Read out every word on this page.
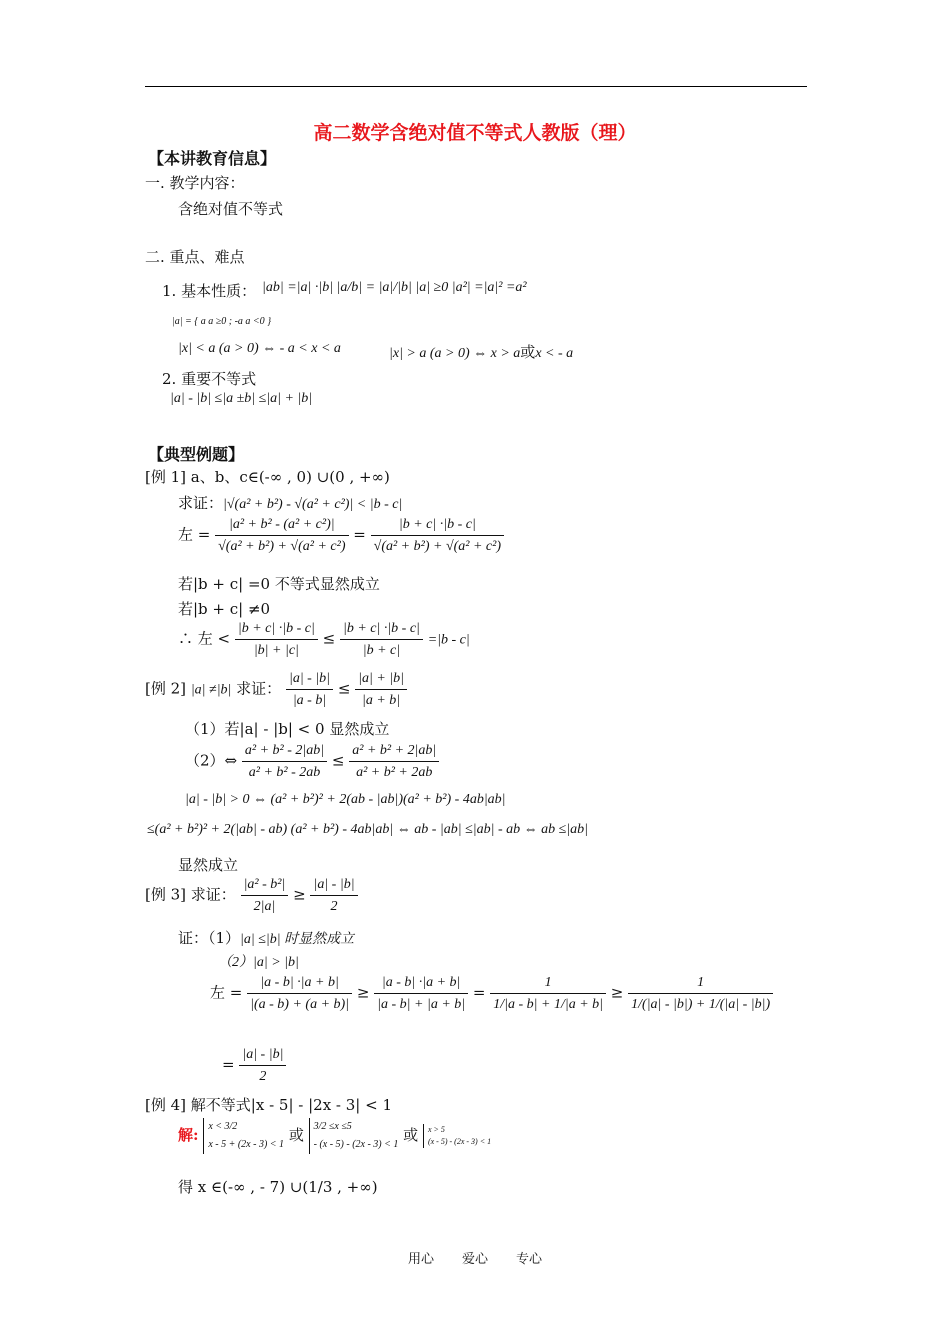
高二数学含绝对值不等式人教版（理）
【本讲教育信息】
一. 教学内容：
含绝对值不等式
二. 重点、难点
1. 基本性质： |ab| =|a| ·|b| |a/b| = |a|/|b| |a| ≥0 |a²| =|a|² =a²
|a| = { a a ≥0 ; -a a <0 }
|x| < a (a > 0) ⇔ - a < x < a	|x| > a (a > 0) ⇔ x > a或x < - a
2. 重要不等式
|a| - |b| ≤|a ±b| ≤|a| + |b|
【典型例题】
[例 1] a、b、c∈(-∞ , 0) ∪(0 , +∞)
求证：|√(a² + b²) - √(a² + c²)| < |b - c|
左 = $\frac{\text{|a² + b² - (a² + c²)|}}{\text{√(a² + b²) + √(a² + c²)}} = \frac{|b + c| \cdot|b - c|}{\text{√(a² + b²) + √(a² + c²)}}$
若|b + c| =0 不等式显然成立
若|b + c| ≠0
∴ 左 < $\frac{|b + c| \cdot|b - c|}{|b| + |c|} \le \frac{|b + c| \cdot|b - c|}{|b + c|} =|b - c|$
[例 2] |a| ≠|b| 求证： $\frac{|a| - |b|}{|a - b|} \le \frac{|a| + |b|}{|a + b|}$
（1）若|a| - |b| < 0 显然成立
（2）⇔ $\frac{\text{a² + b² - 2|ab|}}{\text{a² + b² - 2ab}} \le \frac{\text{a² + b² + 2|ab|}}{\text{a² + b² + 2ab}}$
|a| - |b| > 0 ⇔ (a² + b²)² + 2(ab - |ab|)(a² + b²) - 4ab|ab|
≤(a² + b²)² + 2(|ab| - ab) (a² + b²) - 4ab|ab| ⇔ ab - |ab| ≤|ab| - ab ⇔ ab ≤|ab|
显然成立
[例 3] 求证： $\frac{\text{|a² - b²|}}{2|a|} \ge \frac{|a| - |b|}{2}$
证：（1）|a| ≤|b| 时显然成立
（2）|a| > |b|
左 = $\frac{|a - b| \cdot|a + b|}{|(a - b) + (a + b)|} \ge \frac{|a - b| \cdot|a + b|}{|a - b| + |a + b|} = \frac{1}{1/|a - b| + 1/|a + b|} \ge \frac{1}{1/(|a| - |b|) + 1/(|a| - |b|)}$
= $\frac{|a| - |b|}{2}$
[例 4] 解不等式|x - 5| - |2x - 3| < 1
解: x < 3/2
x - 5 + (2x - 3) < 1
或 3/2 ≤x ≤5
- (x - 5) - (2x - 3) < 1
或 x > 5
(x - 5) - (2x - 3) < 1
得 x ∈(-∞ , - 7) ∪(1/3 , +∞)
用心 爱心 专心
